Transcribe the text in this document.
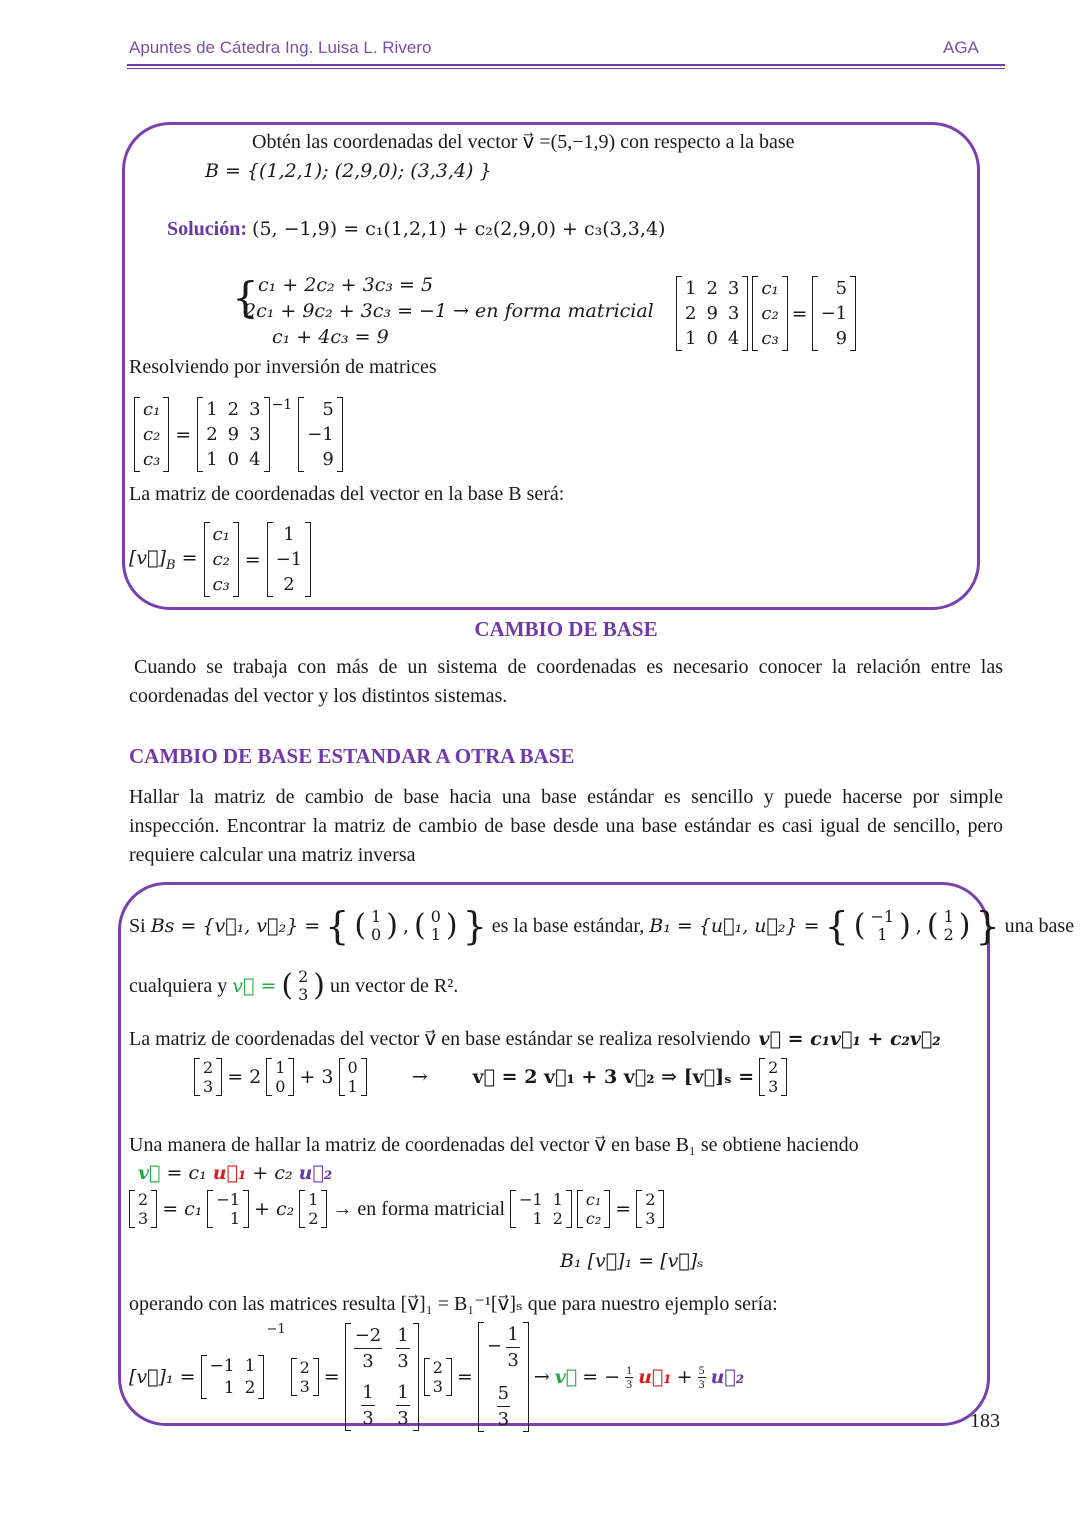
Apuntes de Cátedra Ing. Luisa L. Rivero	AGA
Obtén las coordenadas del vector v⃗ =(5,−1,9) con respecto a la base
B = {(1,2,1); (2,9,0); (3,3,4) }
Solución: (5, −1,9) = c₁(1,2,1) + c₂(2,9,0) + c₃(3,3,4)
{ c₁ + 2c₂ + 3c₃ = 5
2c₁ + 9c₂ + 3c₃ = −1 → en forma matricial
c₁ + 4c₃ = 9
1
2
1
2
9
0
3
3
4
c₁
c₂
c₃
=
5
−1
9
Resolviendo por inversión de matrices
c₁
c₂
c₃
=
1
2
1
2
9
0
3
3
4
−1 5
−1
9
La matriz de coordenadas del vector en la base B será:
$[v⃗]_B$ =
c₁
c₂
c₃
=
1
−1
2
CAMBIO DE BASE
Cuando se trabaja con más de un sistema de coordenadas es necesario conocer la relación entre las coordenadas del vector y los distintos sistemas.
CAMBIO DE BASE ESTANDAR A OTRA BASE
Hallar la matriz de cambio de base hacia una base estándar es sencillo y puede hacerse por simple inspección. Encontrar la matriz de cambio de base desde una base estándar es casi igual de sencillo, pero requiere calcular una matriz inversa
Si Bs = {v⃗₁, v⃗₂} = { ( 1
0 ) , ( 0
1 ) } es la base estándar, B₁ = {u⃗₁, u⃗₂} = { ( −1
1 ) , ( 1
2 ) } una base
cualquiera y v⃗ = ( 2
3 ) un vector de R².
La matriz de coordenadas del vector v⃗ en base estándar se realiza resolviendo v⃗ = c₁v⃗₁ + c₂v⃗₂
2
3 = 2 1
0 + 3 0
1	→ v⃗ = 2 v⃗₁ + 3 v⃗₂ ⇒ [v⃗]ₛ = 2
3
Una manera de hallar la matriz de coordenadas del vector v⃗ en base B₁ se obtiene haciendo
v⃗ = c₁ u⃗₁ + c₂ u⃗₂
2
3 = c₁ −1
1 + c₂ 1
2 → en forma matricial −1
1
1
2
c₁
c₂ = 2
3
B₁ [v⃗]₁ = [v⃗]ₛ
operando con las matrices resulta [v⃗]₁ = B₁⁻¹[v⃗]ₛ que para nuestro ejemplo sería:
[v⃗]₁ = −1
1
1
2
−1
2
3 =
$\frac{-2}{3}$
$\frac{1}{3}$
$\frac{1}{3}$
$\frac{1}{3}$
2
3 =
− $\frac{1}{3}$
$\frac{5}{3}$
→ v⃗ = − $\frac{1}{3}$ u⃗₁ + $\frac{5}{3}$ u⃗₂
183
